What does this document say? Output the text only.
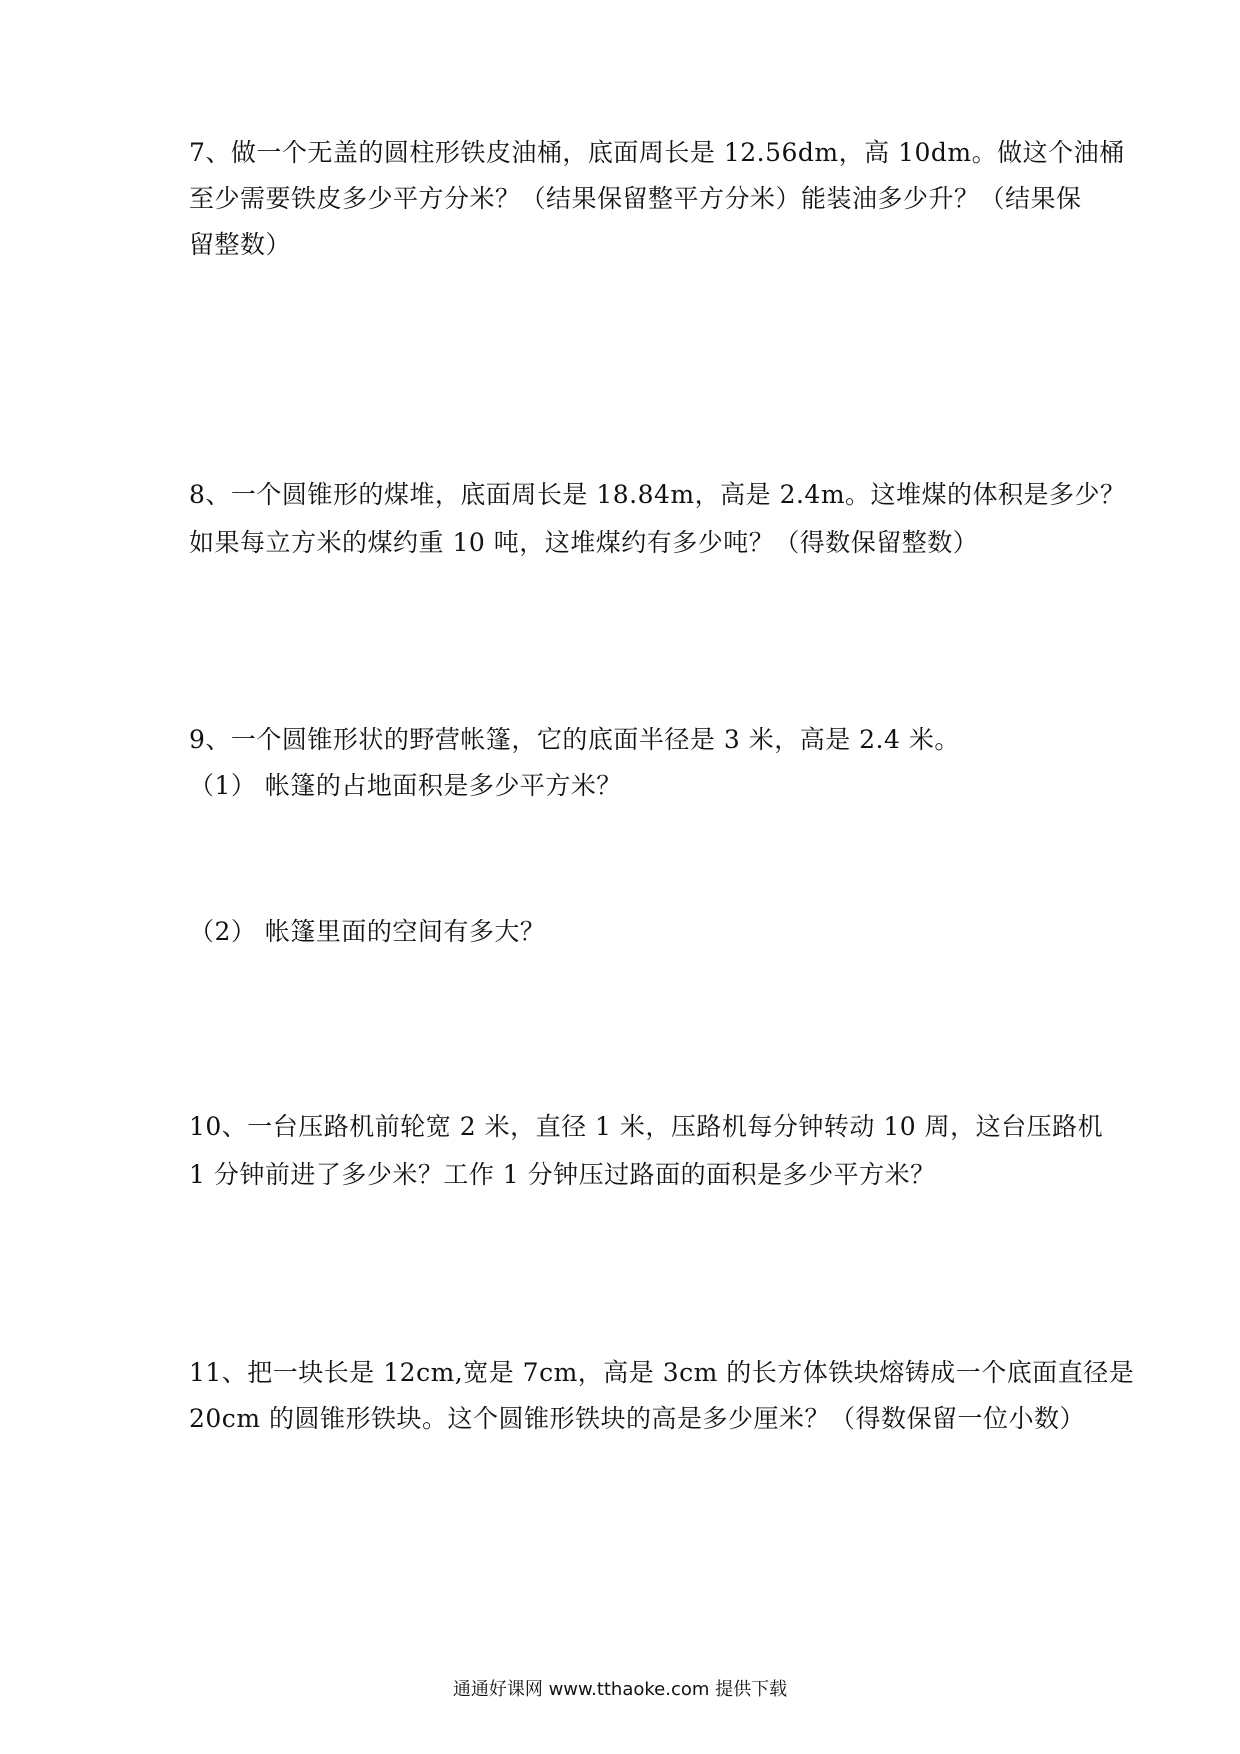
7、做一个无盖的圆柱形铁皮油桶，底面周长是 12.56dm，高 10dm。做这个油桶
至少需要铁皮多少平方分米？（结果保留整平方分米）能装油多少升？（结果保
留整数）
8、一个圆锥形的煤堆，底面周长是 18.84m，高是 2.4m。这堆煤的体积是多少？
如果每立方米的煤约重 10 吨，这堆煤约有多少吨？（得数保留整数）
9、一个圆锥形状的野营帐篷，它的底面半径是 3 米，高是 2.4 米。
（1） 帐篷的占地面积是多少平方米？
（2） 帐篷里面的空间有多大？
10、一台压路机前轮宽 2 米，直径 1 米，压路机每分钟转动 10 周，这台压路机
1 分钟前进了多少米？工作 1 分钟压过路面的面积是多少平方米？
11、把一块长是 12cm,宽是 7cm，高是 3cm 的长方体铁块熔铸成一个底面直径是
20cm 的圆锥形铁块。这个圆锥形铁块的高是多少厘米？（得数保留一位小数）
通通好课网 www.tthaoke.com 提供下载
